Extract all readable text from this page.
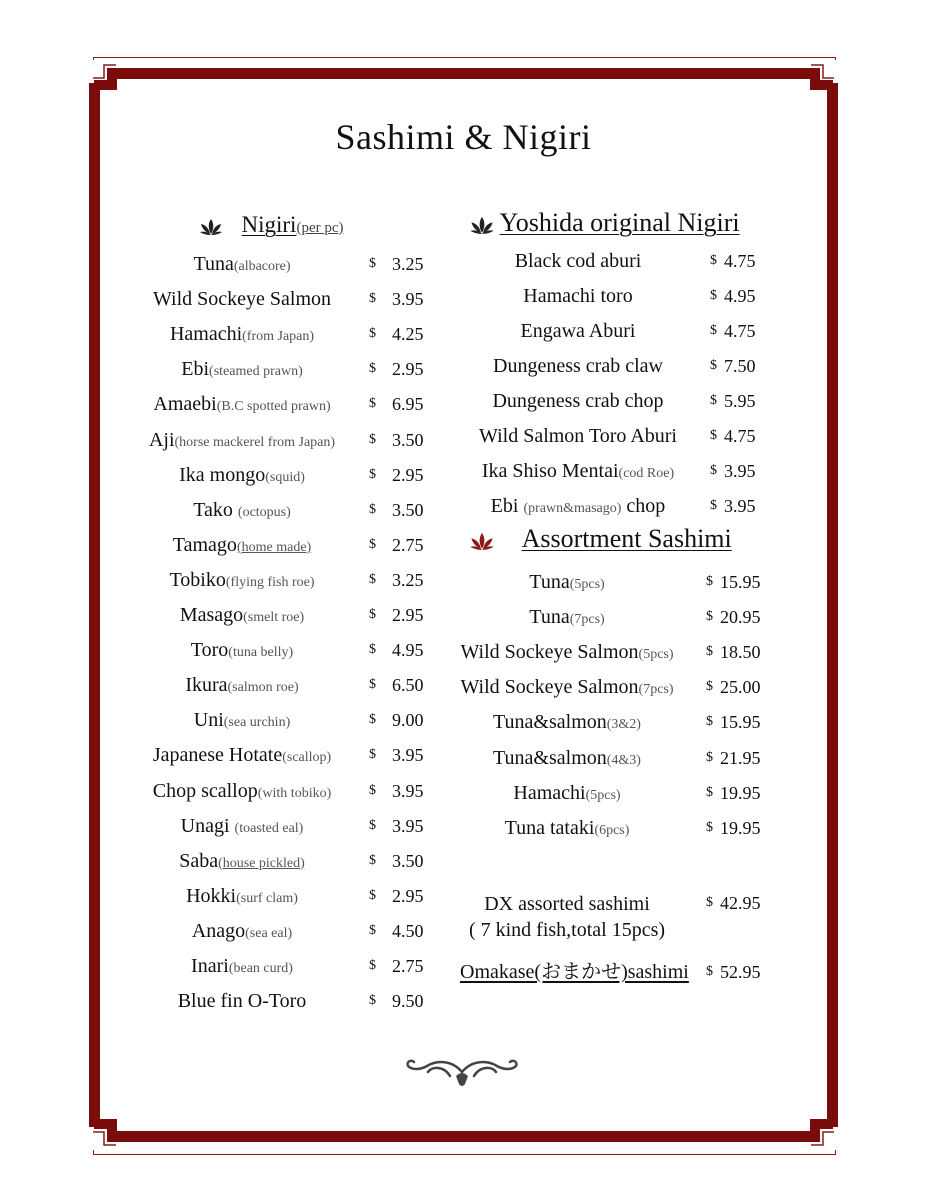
Sashimi & Nigiri
Nigiri(per pc)
Tuna(albacore)	$ 3.25
Wild Sockeye Salmon	$ 3.95
Hamachi(from Japan)	$ 4.25
Ebi(steamed prawn)	$ 2.95
Amaebi(B.C spotted prawn)	$ 6.95
Aji(horse mackerel from Japan) $ 3.50
Ika mongo(squid)	$ 2.95
Tako (octopus)	$ 3.50
Tamago(home made)	$ 2.75
Tobiko(flying fish roe)	$ 3.25
Masago(smelt roe)	$ 2.95
Toro(tuna belly)	$ 4.95
Ikura(salmon roe)	$ 6.50
Uni(sea urchin)	$ 9.00
Japanese Hotate(scallop)	$ 3.95
Chop scallop(with tobiko)	$ 3.95
Unagi (toasted eal)	$ 3.95
Saba(house pickled)	$ 3.50
Hokki(surf clam)	$ 2.95
Anago(sea eal)	$ 4.50
Inari(bean curd)	$ 2.75
Blue fin O-Toro	$ 9.50
Yoshida original Nigiri
Black cod aburi	$ 4.75
Hamachi toro	$ 4.95
Engawa Aburi	$ 4.75
Dungeness crab claw	$ 7.50
Dungeness crab chop	$ 5.95
Wild Salmon Toro Aburi $ 4.75
Ika Shiso Mentai(cod Roe)	$ 3.95
Ebi (prawn&masago) chop	$ 3.95
Assortment Sashimi
Tuna(5pcs)	$ 15.95
Tuna(7pcs)	$ 20.95
Wild Sockeye Salmon(5pcs) $ 18.50
Wild Sockeye Salmon(7pcs) $ 25.00
Tuna&salmon(3&2)	$ 15.95
Tuna&salmon(4&3)	$ 21.95
Hamachi(5pcs)	$ 19.95
Tuna tataki(6pcs)	$ 19.95
DX assorted sashimi
( 7 kind fish,total 15pcs)
$ 42.95
Omakase(おまかせ)sashimi $ 52.95
